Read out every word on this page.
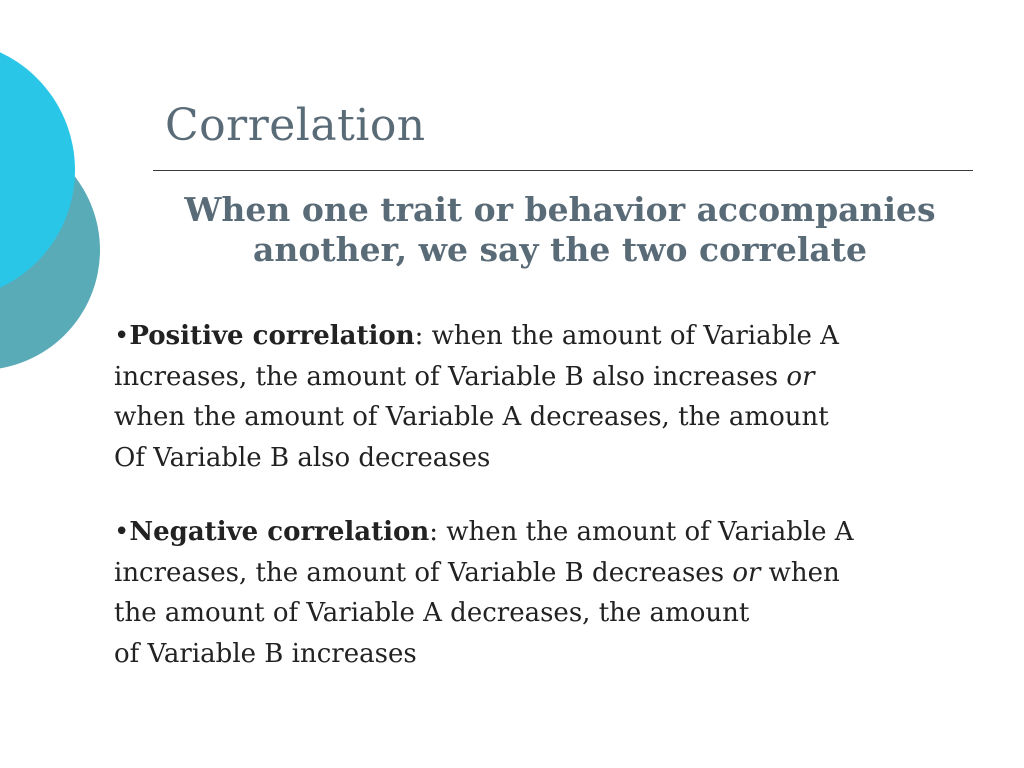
Correlation
When one trait or behavior accompanies
another, we say the two correlate
•Positive correlation: when the amount of Variable A
increases, the amount of Variable B also increases or
when the amount of Variable A decreases, the amount
Of Variable B also decreases
•Negative correlation: when the amount of Variable A
increases, the amount of Variable B decreases or when
the amount of Variable A decreases, the amount
of Variable B increases
